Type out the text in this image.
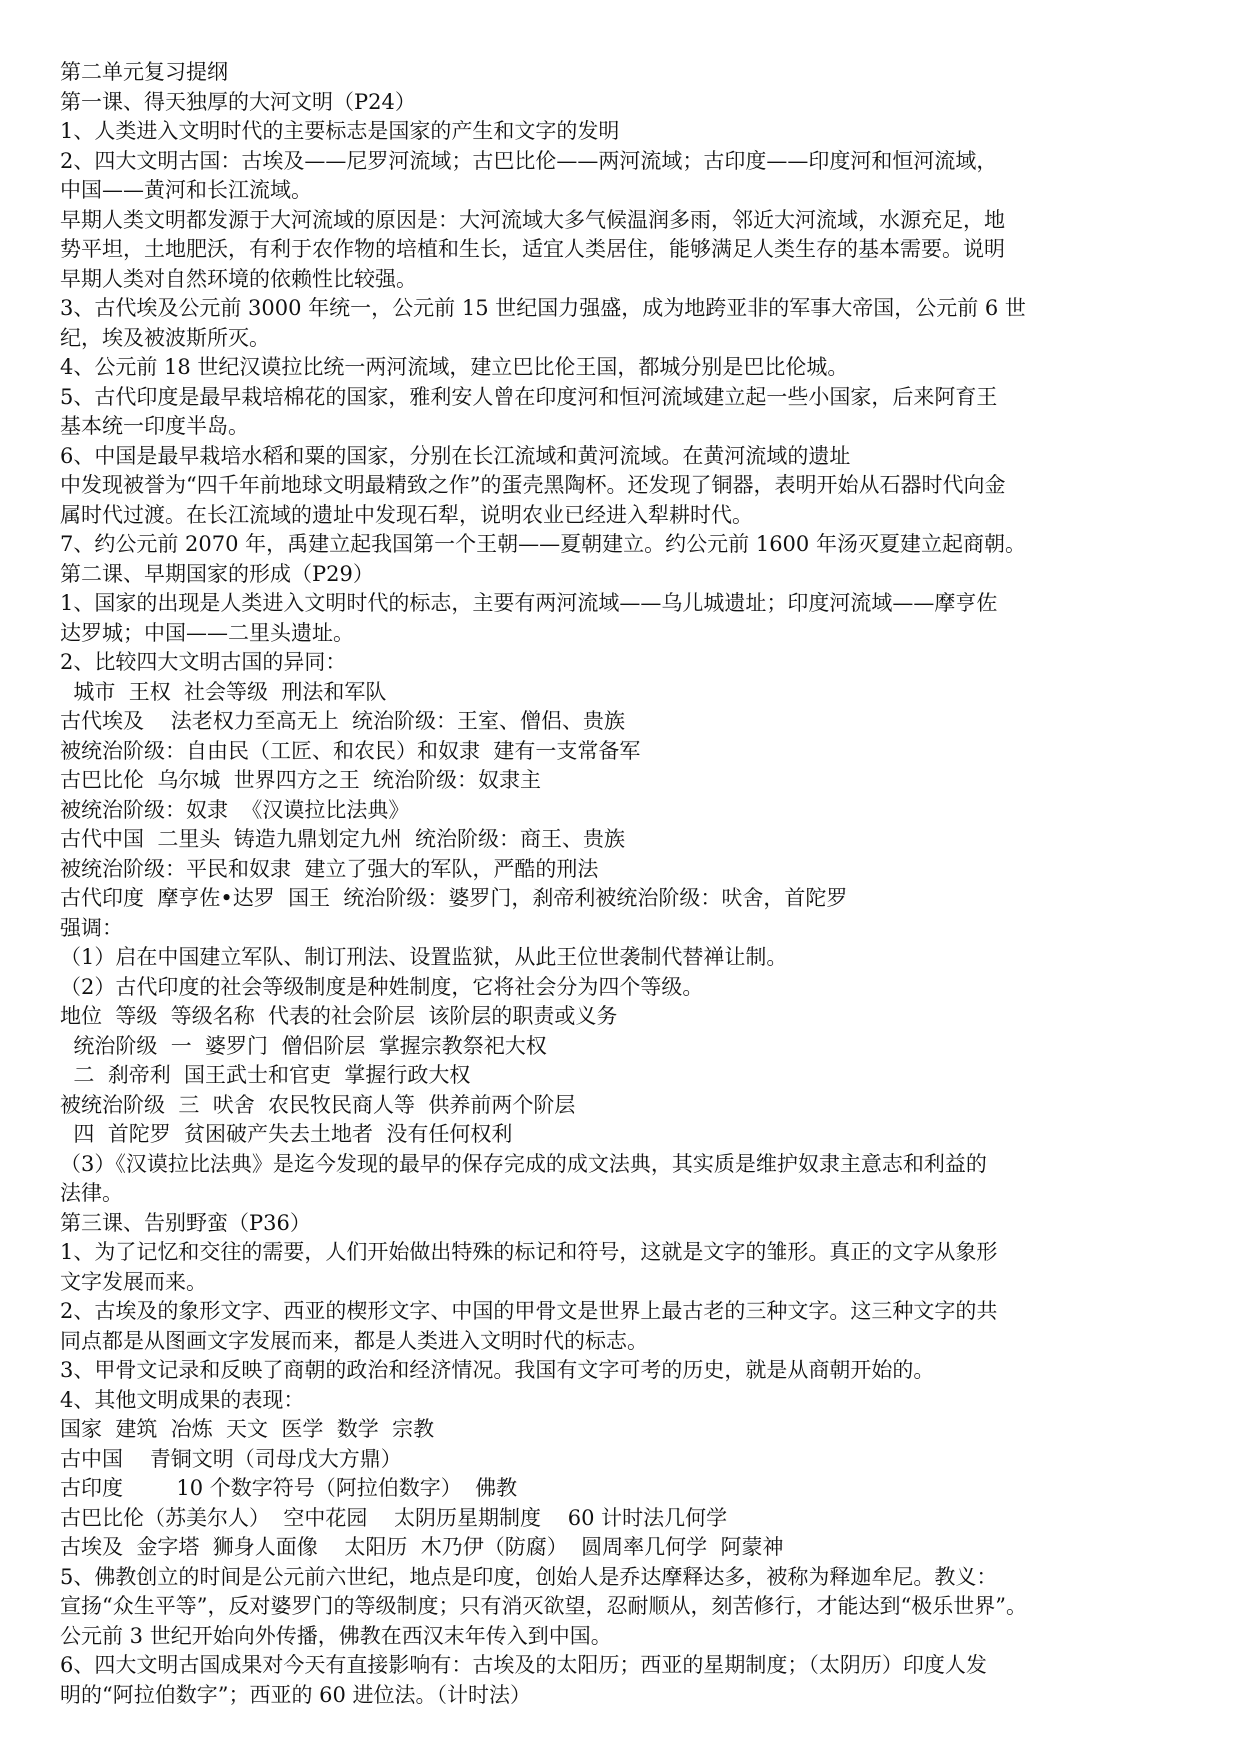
第二单元复习提纲

第一课、得天独厚的大河文明（P24）

1、人类进入文明时代的主要标志是国家的产生和文字的发明

2、四大文明古国：古埃及——尼罗河流域；古巴比伦——两河流域；古印度——印度河和恒河流域，

中国——黄河和长江流域。

早期人类文明都发源于大河流域的原因是：大河流域大多气候温润多雨，邻近大河流域，水源充足，地

势平坦，土地肥沃，有利于农作物的培植和生长，适宜人类居住，能够满足人类生存的基本需要。说明

早期人类对自然环境的依赖性比较强。

3、古代埃及公元前 3000 年统一，公元前 15 世纪国力强盛，成为地跨亚非的军事大帝国，公元前 6 世

纪，埃及被波斯所灭。

4、公元前 18 世纪汉谟拉比统一两河流域，建立巴比伦王国，都城分别是巴比伦城。

5、古代印度是最早栽培棉花的国家，雅利安人曾在印度河和恒河流域建立起一些小国家，后来阿育王

基本统一印度半岛。

6、中国是最早栽培水稻和粟的国家，分别在长江流域和黄河流域。在黄河流域的遗址

中发现被誉为“四千年前地球文明最精致之作”的蛋壳黑陶杯。还发现了铜器，表明开始从石器时代向金

属时代过渡。在长江流域的遗址中发现石犁，说明农业已经进入犁耕时代。

7、约公元前 2070 年，禹建立起我国第一个王朝——夏朝建立。约公元前 1600 年汤灭夏建立起商朝。

第二课、早期国家的形成（P29）

1、国家的出现是人类进入文明时代的标志，主要有两河流域——乌儿城遗址；印度河流域——摩亨佐

达罗城；中国——二里头遗址。

2、比较四大文明古国的异同：

城市  王权  社会等级  刑法和军队

古代埃及    法老权力至高无上  统治阶级：王室、僧侣、贵族

被统治阶级：自由民（工匠、和农民）和奴隶  建有一支常备军

古巴比伦  乌尔城  世界四方之王  统治阶级：奴隶主

被统治阶级：奴隶  《汉谟拉比法典》

古代中国  二里头  铸造九鼎划定九州  统治阶级：商王、贵族

被统治阶级：平民和奴隶  建立了强大的军队，严酷的刑法

古代印度  摩亨佐•达罗  国王  统治阶级：婆罗门，刹帝利被统治阶级：吠舍，首陀罗

强调：

（1）启在中国建立军队、制订刑法、设置监狱，从此王位世袭制代替禅让制。

（2）古代印度的社会等级制度是种姓制度，它将社会分为四个等级。

地位  等级  等级名称  代表的社会阶层  该阶层的职责或义务

统治阶级  一  婆罗门  僧侣阶层  掌握宗教祭祀大权

二  刹帝利  国王武士和官吏  掌握行政大权

被统治阶级  三  吠舍  农民牧民商人等  供养前两个阶层

四  首陀罗  贫困破产失去土地者  没有任何权利

（3）《汉谟拉比法典》是迄今发现的最早的保存完成的成文法典，其实质是维护奴隶主意志和利益的

法律。

第三课、告别野蛮（P36）

1、为了记忆和交往的需要，人们开始做出特殊的标记和符号，这就是文字的雏形。真正的文字从象形

文字发展而来。

2、古埃及的象形文字、西亚的楔形文字、中国的甲骨文是世界上最古老的三种文字。这三种文字的共

同点都是从图画文字发展而来，都是人类进入文明时代的标志。

3、甲骨文记录和反映了商朝的政治和经济情况。我国有文字可考的历史，就是从商朝开始的。

4、其他文明成果的表现：

国家  建筑  冶炼  天文  医学  数学  宗教

古中国    青铜文明（司母戊大方鼎）

古印度        10 个数字符号（阿拉伯数字）  佛教

古巴比伦（苏美尔人）  空中花园    太阴历星期制度    60 计时法几何学

古埃及  金字塔  狮身人面像    太阳历  木乃伊（防腐）  圆周率几何学  阿蒙神

5、佛教创立的时间是公元前六世纪，地点是印度，创始人是乔达摩释达多，被称为释迦牟尼。教义：

宣扬“众生平等”，反对婆罗门的等级制度；只有消灭欲望，忍耐顺从，刻苦修行，才能达到“极乐世界”。

公元前 3 世纪开始向外传播，佛教在西汉末年传入到中国。

6、四大文明古国成果对今天有直接影响有：古埃及的太阳历；西亚的星期制度；（太阴历）印度人发

明的“阿拉伯数字”；西亚的 60 进位法。（计时法）
